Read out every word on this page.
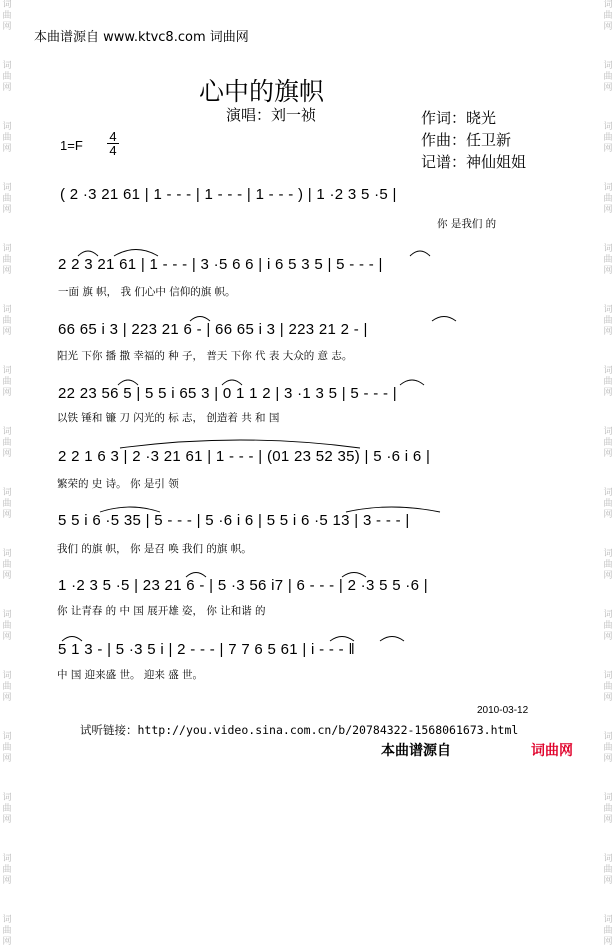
词
曲
网
词
曲
网
词
曲
网
词
曲
网
词
曲
网
词
曲
网
词
曲
网
词
曲
网
词
曲
网
词
曲
网
词
曲
网
词
曲
网
词
曲
网
词
曲
网
词
曲
网
词
曲
网
词
曲
网
词
曲
网
词
曲
网
词
曲
网
词
曲
网
词
曲
网
词
曲
网
词
曲
网
词
曲
网
词
曲
网
词
曲
网
词
曲
网
词
曲
网
词
曲
网
词
曲
网
词
曲
网
本曲谱源自 www.ktvc8.com 词曲网
心中的旗帜
演唱：刘一祯	作词：晓光
作曲：任卫新
记谱：神仙姐姐
1=F
4
4
( 2 ·3 21 61 | 1 - - - | 1 - - - | 1 - - - ) | 1 ·2 3 5 ·5 |
你 是我们 的
2 2 3 21 61 | 1 - - - | 3 ·5 6 6 | i 6 5 3 5 | 5 - - - |
一面 旗 帜， 我 们心中 信仰的旗 帜。
66 65 i 3 | 223 21 6 - | 66 65 i 3 | 223 21 2 - |
阳光 下你 播 撒 幸福的 种 子， 普天 下你 代 表 大众的 意 志。
22 23 56 5 | 5 5 i 65 3 | 0 1 1 2 | 3 ·1 3 5 | 5 - - - |
以铁 锤和 镰 刀 闪光的 标 志， 创造着 共 和 国
2 2 1 6 3 | 2 ·3 21 61 | 1 - - - | (01 23 52 35) | 5 ·6 i 6 |
繁荣的 史 诗。 你 是引 领
5 5 i 6 ·5 35 | 5 - - - | 5 ·6 i 6 | 5 5 i 6 ·5 13 | 3 - - - |
我们 的旗 帜， 你 是召 唤 我们 的旗 帜。
1 ·2 3 5 ·5 | 23 21 6 - | 5 ·3 56 i7 | 6 - - - | 2 ·3 5 5 ·6 |
你 让青春 的 中 国 展开雄 姿， 你 让和谐 的
5 1 3 - | 5 ·3 5 i | 2 - - - | 7 7 6 5 61 | i - - - ‖
中 国 迎来盛 世。 迎来 盛 世。
2010-03-12
试听链接：http://you.video.sina.com.cn/b/20784322-1568061673.html
本曲谱源自	词曲网
